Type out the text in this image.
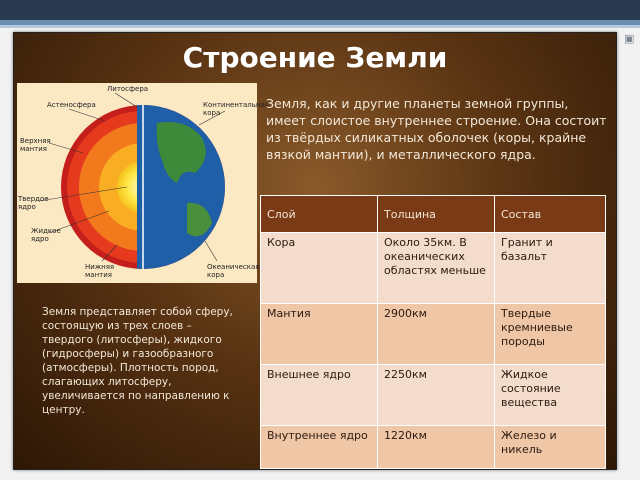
▣
Строение Земли
Литосфера
Астеносфера	Континентальная кора
Верхняя мантия
Твердое ядро
Жидкое ядро
Нижняя мантия
Океаническая кора
Земля, как и другие планеты земной группы, имеет слоистое внутреннее строение. Она состоит из твёрдых силикатных оболочек (коры, крайне вязкой мантии), и металлического ядра.
Слой	Толщина	Состав
Кора	Около 35км. В океанических областях меньше	Гранит и базальт
Мантия	2900км	Твердые кремниевые породы
Внешнее ядро	2250км	Жидкое состояние вещества
Внутреннее ядро	1220км	Железо и никель
Земля представляет собой сферу, состоящую из трех слоев – твердого (литосферы), жидкого (гидросферы) и газообразного (атмосферы). Плотность пород, слагающих литосферу, увеличивается по направлению к центру.
